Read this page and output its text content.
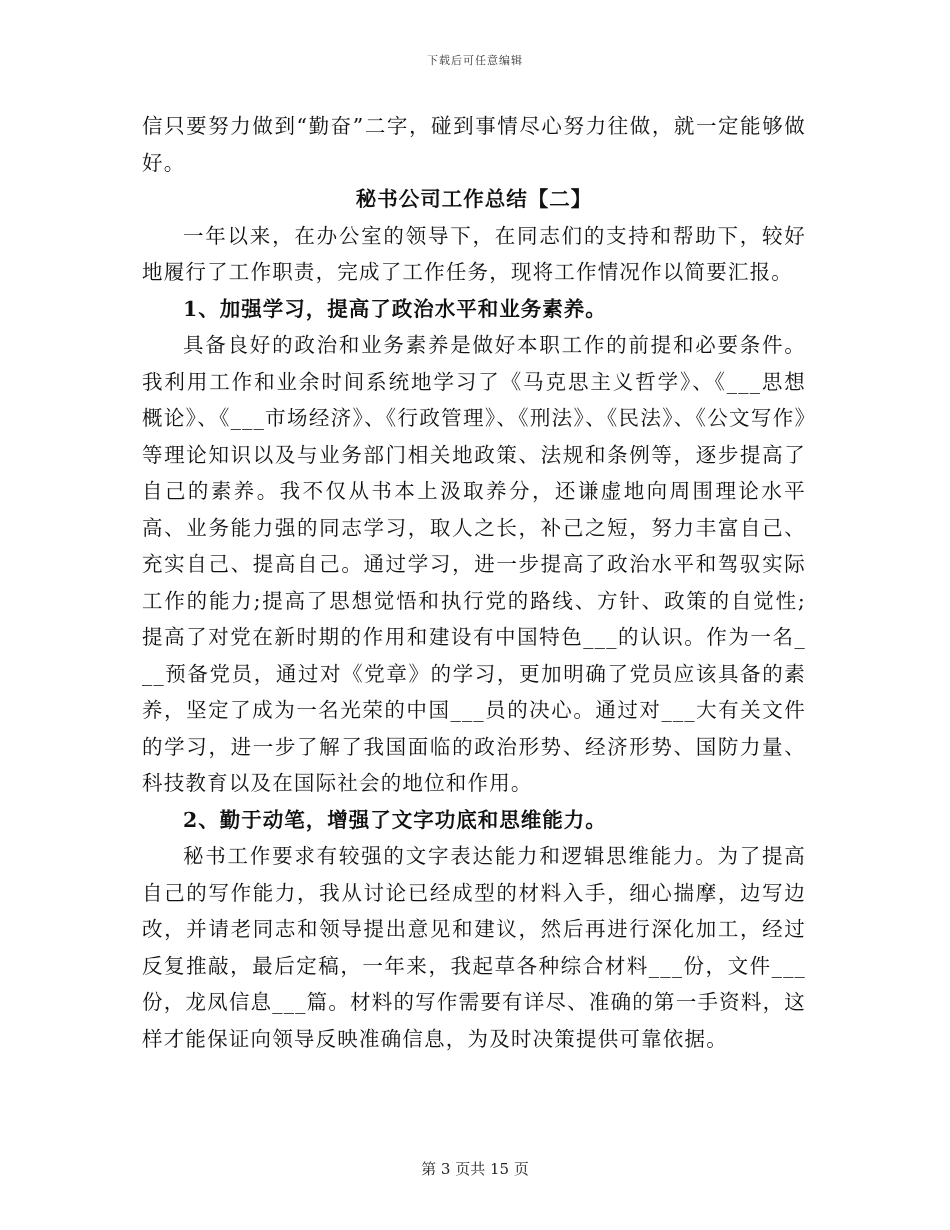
下载后可任意编辑

信只要努力做到“勤奋”二字，碰到事情尽心努力往做，就一定能够做好。

秘书公司工作总结【二】

一年以来，在办公室的领导下，在同志们的支持和帮助下，较好地履行了工作职责，完成了工作任务，现将工作情况作以简要汇报。

1、加强学习，提高了政治水平和业务素养。

具备良好的政治和业务素养是做好本职工作的前提和必要条件。我利用工作和业余时间系统地学习了《马克思主义哲学》、《___思想概论》、《___市场经济》、《行政管理》、《刑法》、《民法》、《公文写作》等理论知识以及与业务部门相关地政策、法规和条例等，逐步提高了自己的素养。我不仅从书本上汲取养分，还谦虚地向周围理论水平高、业务能力强的同志学习，取人之长，补己之短，努力丰富自己、充实自己、提高自己。通过学习，进一步提高了政治水平和驾驭实际工作的能力;提高了思想觉悟和执行党的路线、方针、政策的自觉性;提高了对党在新时期的作用和建设有中国特色___的认识。作为一名___预备党员，通过对《党章》的学习，更加明确了党员应该具备的素养，坚定了成为一名光荣的中国___员的决心。通过对___大有关文件的学习，进一步了解了我国面临的政治形势、经济形势、国防力量、科技教育以及在国际社会的地位和作用。

2、勤于动笔，增强了文字功底和思维能力。

秘书工作要求有较强的文字表达能力和逻辑思维能力。为了提高自己的写作能力，我从讨论已经成型的材料入手，细心揣摩，边写边改，并请老同志和领导提出意见和建议，然后再进行深化加工，经过反复推敲，最后定稿，一年来，我起草各种综合材料___份，文件___份，龙凤信息___篇。材料的写作需要有详尽、准确的第一手资料，这样才能保证向领导反映准确信息，为及时决策提供可靠依据。

第 3 页共 15 页
